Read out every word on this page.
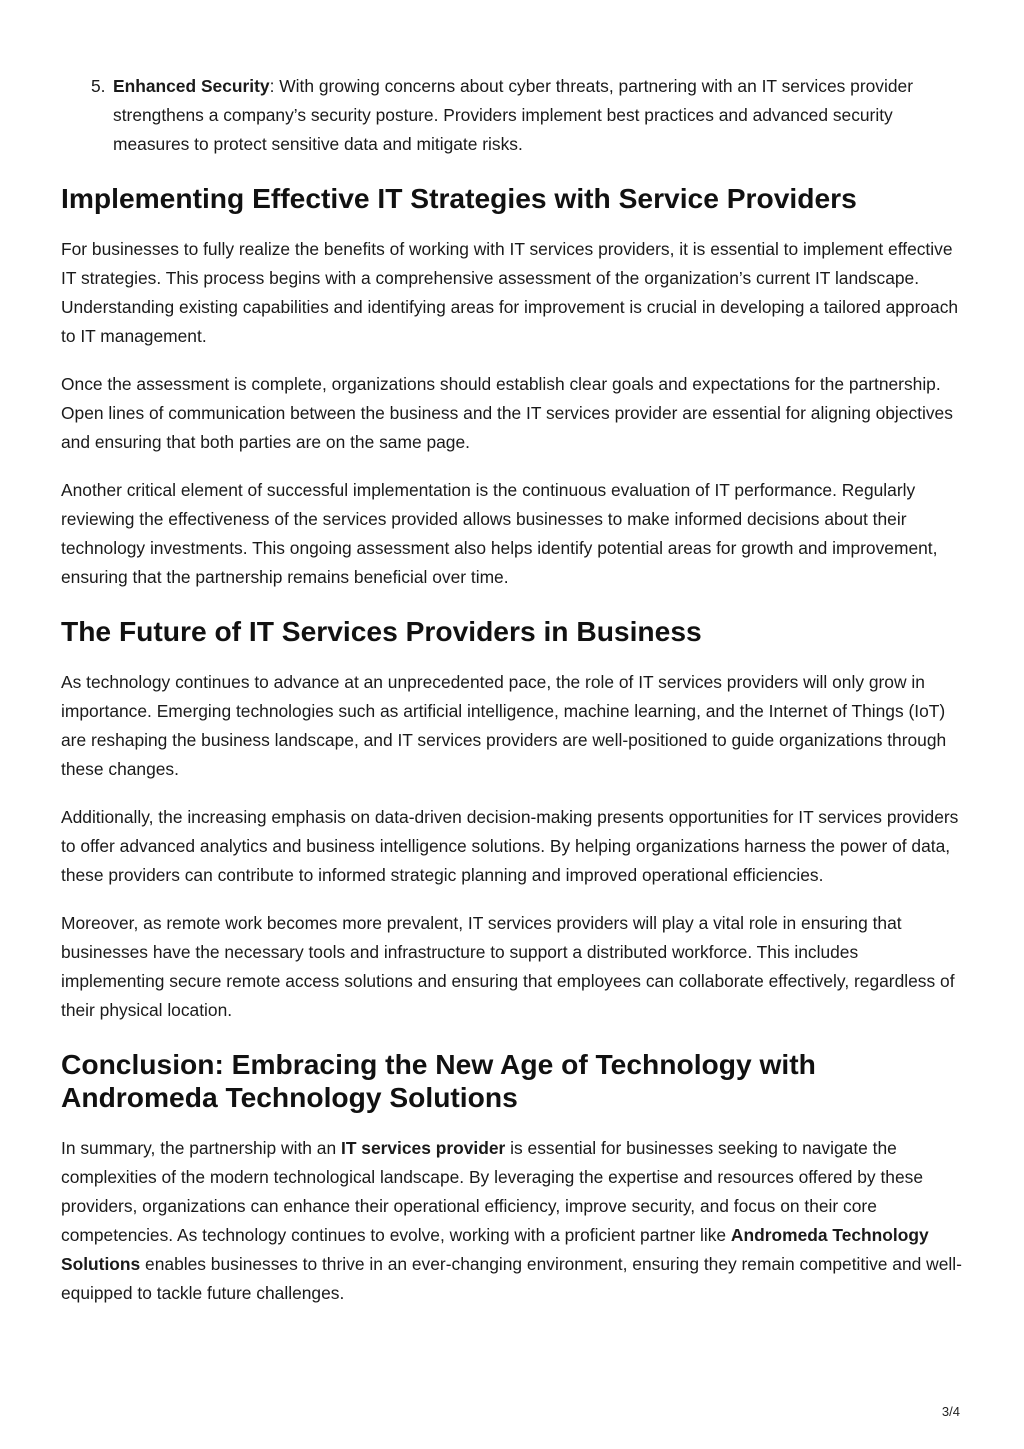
5. Enhanced Security: With growing concerns about cyber threats, partnering with an IT services provider strengthens a company’s security posture. Providers implement best practices and advanced security measures to protect sensitive data and mitigate risks.
Implementing Effective IT Strategies with Service Providers

For businesses to fully realize the benefits of working with IT services providers, it is essential to implement effective IT strategies. This process begins with a comprehensive assessment of the organization’s current IT landscape. Understanding existing capabilities and identifying areas for improvement is crucial in developing a tailored approach to IT management.

Once the assessment is complete, organizations should establish clear goals and expectations for the partnership. Open lines of communication between the business and the IT services provider are essential for aligning objectives and ensuring that both parties are on the same page.

Another critical element of successful implementation is the continuous evaluation of IT performance. Regularly reviewing the effectiveness of the services provided allows businesses to make informed decisions about their technology investments. This ongoing assessment also helps identify potential areas for growth and improvement, ensuring that the partnership remains beneficial over time.

The Future of IT Services Providers in Business

As technology continues to advance at an unprecedented pace, the role of IT services providers will only grow in importance. Emerging technologies such as artificial intelligence, machine learning, and the Internet of Things (IoT) are reshaping the business landscape, and IT services providers are well-positioned to guide organizations through these changes.

Additionally, the increasing emphasis on data-driven decision-making presents opportunities for IT services providers to offer advanced analytics and business intelligence solutions. By helping organizations harness the power of data, these providers can contribute to informed strategic planning and improved operational efficiencies.

Moreover, as remote work becomes more prevalent, IT services providers will play a vital role in ensuring that businesses have the necessary tools and infrastructure to support a distributed workforce. This includes implementing secure remote access solutions and ensuring that employees can collaborate effectively, regardless of their physical location.

Conclusion: Embracing the New Age of Technology with Andromeda Technology Solutions

In summary, the partnership with an IT services provider is essential for businesses seeking to navigate the complexities of the modern technological landscape. By leveraging the expertise and resources offered by these providers, organizations can enhance their operational efficiency, improve security, and focus on their core competencies. As technology continues to evolve, working with a proficient partner like Andromeda Technology Solutions enables businesses to thrive in an ever-changing environment, ensuring they remain competitive and well-equipped to tackle future challenges.

3/4
